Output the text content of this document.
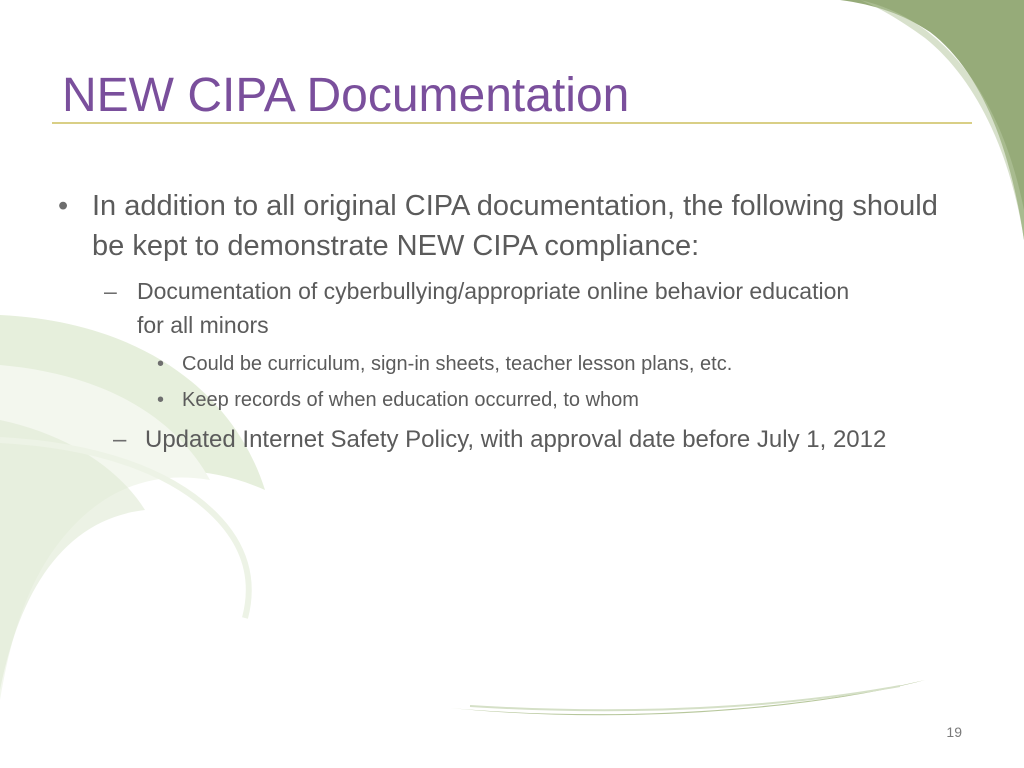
NEW CIPA Documentation
• In addition to all original CIPA documentation, the following should be kept to demonstrate NEW CIPA compliance:
– Documentation of cyberbullying/appropriate online behavior education for all minors
• Could be curriculum, sign-in sheets, teacher lesson plans, etc.
• Keep records of when education occurred, to whom
– Updated Internet Safety Policy, with approval date before July 1, 2012
19
